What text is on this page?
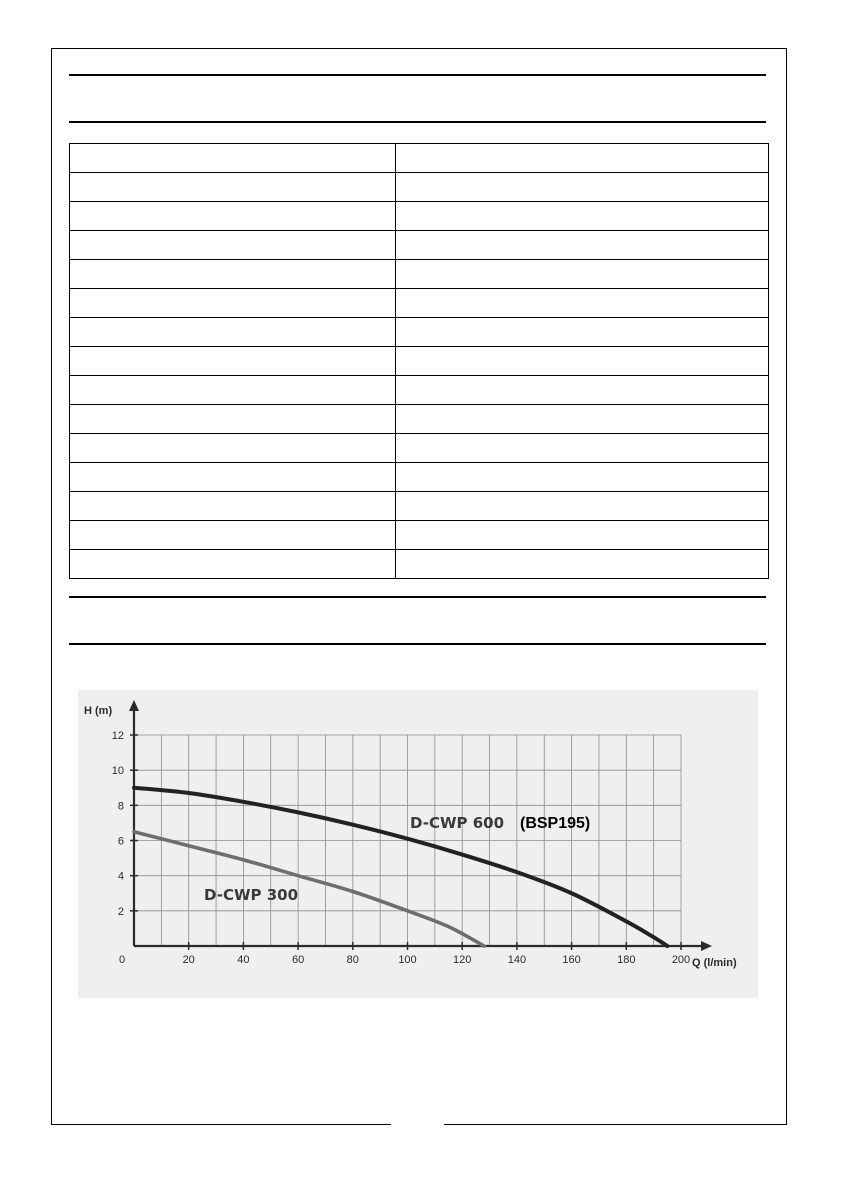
0	20	40	60	80	100	120	140	160	180	200
2
4
6
8
10
12
H (m)
Q (l/min)
D-CWP 600 (BSP195)
D-CWP 300
